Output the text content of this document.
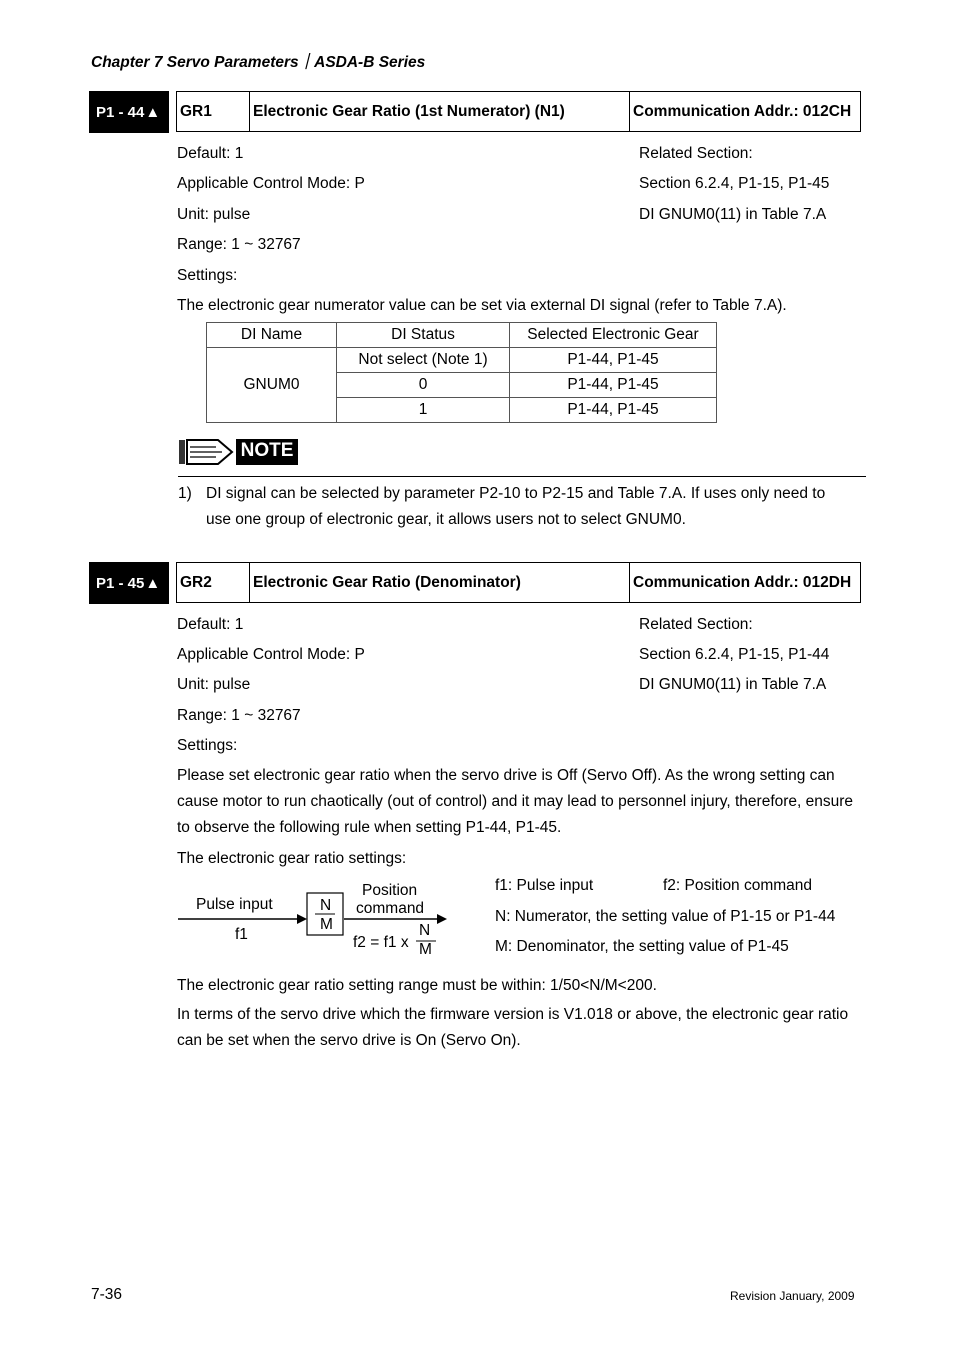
Chapter 7 Servo Parameters｜ASDA-B Series
P1 - 44 ▲ GR1	Electronic Gear Ratio (1st Numerator) (N1)	Communication Addr.: 012CH
Default: 1
Applicable Control Mode: P
Unit: pulse
Range: 1 ~ 32767
Settings:
Related Section:
Section 6.2.4, P1-15, P1-45
DI GNUM0(11) in Table 7.A
The electronic gear numerator value can be set via external DI signal (refer to Table 7.A).
DI Name	DI Status	Selected Electronic Gear
GNUM0	Not select (Note 1)	P1-44, P1-45
	0	P1-44, P1-45
	1	P1-44, P1-45
NOTE
1) DI signal can be selected by parameter P2-10 to P2-15 and Table 7.A. If uses only need to
use one group of electronic gear, it allows users not to select GNUM0.
P1 - 45 ▲ GR2	Electronic Gear Ratio (Denominator)	Communication Addr.: 012DH
Default: 1
Applicable Control Mode: P
Unit: pulse
Range: 1 ~ 32767
Settings:
Related Section:
Section 6.2.4, P1-15, P1-44
DI GNUM0(11) in Table 7.A
Please set electronic gear ratio when the servo drive is Off (Servo Off). As the wrong setting can cause motor to run chaotically (out of control) and it may lead to personnel injury, therefore, ensure to observe the following rule when setting P1-44, P1-45.
The electronic gear ratio settings:
Pulse input
f1
N
M
Position
command
f2 = f1 x
N
M
f1: Pulse input	f2: Position command
N: Numerator, the setting value of P1-15 or P1-44
M: Denominator, the setting value of P1-45
The electronic gear ratio setting range must be within: 1/50<N/M<200.
In terms of the servo drive which the firmware version is V1.018 or above, the electronic gear ratio can be set when the servo drive is On (Servo On).
7-36	Revision January, 2009
